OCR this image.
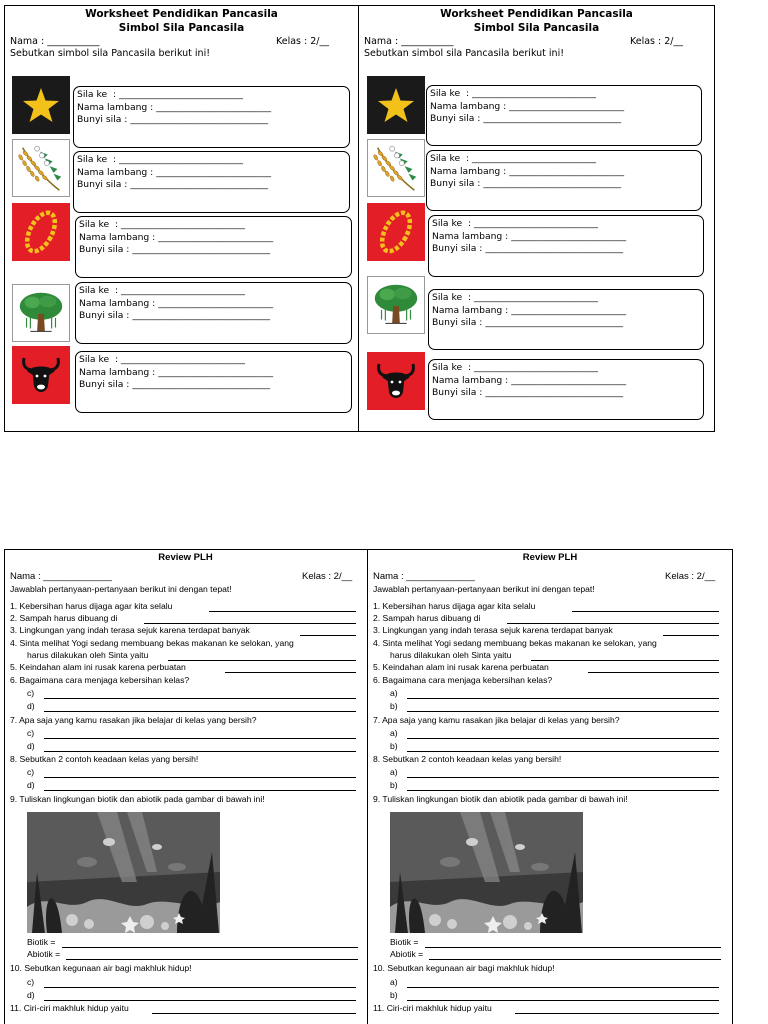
Worksheet Pendidikan Pancasila
Simbol Sila Pancasila
Nama : ___________	Kelas : 2/__
Sebutkan simbol sila Pancasila berikut ini!
Sila ke  : ___________________________
Nama lambang : _________________________
Bunyi sila : ______________________________
Sila ke  : ___________________________
Nama lambang : _________________________
Bunyi sila : ______________________________
Sila ke  : ___________________________
Nama lambang : _________________________
Bunyi sila : ______________________________
Sila ke  : ___________________________
Nama lambang : _________________________
Bunyi sila : ______________________________
Sila ke  : ___________________________
Nama lambang : _________________________
Bunyi sila : ______________________________
Worksheet Pendidikan Pancasila
Simbol Sila Pancasila
Nama : ___________	Kelas : 2/__
Sebutkan simbol sila Pancasila berikut ini!
Sila ke  : ___________________________
Nama lambang : _________________________
Bunyi sila : ______________________________
Sila ke  : ___________________________
Nama lambang : _________________________
Bunyi sila : ______________________________
Sila ke  : ___________________________
Nama lambang : _________________________
Bunyi sila : ______________________________
Sila ke  : ___________________________
Nama lambang : _________________________
Bunyi sila : ______________________________
Sila ke  : ___________________________
Nama lambang : _________________________
Bunyi sila : ______________________________
Review PLH
Nama : _____________	Kelas : 2/__
Jawablah pertanyaan-pertanyaan berikut ini dengan tepat!
1. Kebersihan harus dijaga agar kita selalu
2. Sampah harus dibuang di
3. Lingkungan yang indah terasa sejuk karena terdapat banyak
4. Sinta melihat Yogi sedang membuang bekas makanan ke selokan, yang
harus dilakukan oleh Sinta yaitu
5. Keindahan alam ini rusak karena perbuatan
6. Bagaimana cara menjaga kebersihan kelas?
c)
d)
7. Apa saja yang kamu rasakan jika belajar di kelas yang bersih?
c)
d)
8. Sebutkan 2 contoh keadaan kelas yang bersih!
c)
d)
9. Tuliskan lingkungan biotik dan abiotik pada gambar di bawah ini!
Biotik =
Abiotik =
10. Sebutkan kegunaan air bagi makhluk hidup!
c)
d)
11. Ciri-ciri makhluk hidup yaitu
Review PLH
Nama : _____________	Kelas : 2/__
Jawablah pertanyaan-pertanyaan berikut ini dengan tepat!
1. Kebersihan harus dijaga agar kita selalu
2. Sampah harus dibuang di
3. Lingkungan yang indah terasa sejuk karena terdapat banyak
4. Sinta melihat Yogi sedang membuang bekas makanan ke selokan, yang
harus dilakukan oleh Sinta yaitu
5. Keindahan alam ini rusak karena perbuatan
6. Bagaimana cara menjaga kebersihan kelas?
a)
b)
7. Apa saja yang kamu rasakan jika belajar di kelas yang bersih?
a)
b)
8. Sebutkan 2 contoh keadaan kelas yang bersih!
a)
b)
9. Tuliskan lingkungan biotik dan abiotik pada gambar di bawah ini!
Biotik =
Abiotik =
10. Sebutkan kegunaan air bagi makhluk hidup!
a)
b)
11. Ciri-ciri makhluk hidup yaitu
